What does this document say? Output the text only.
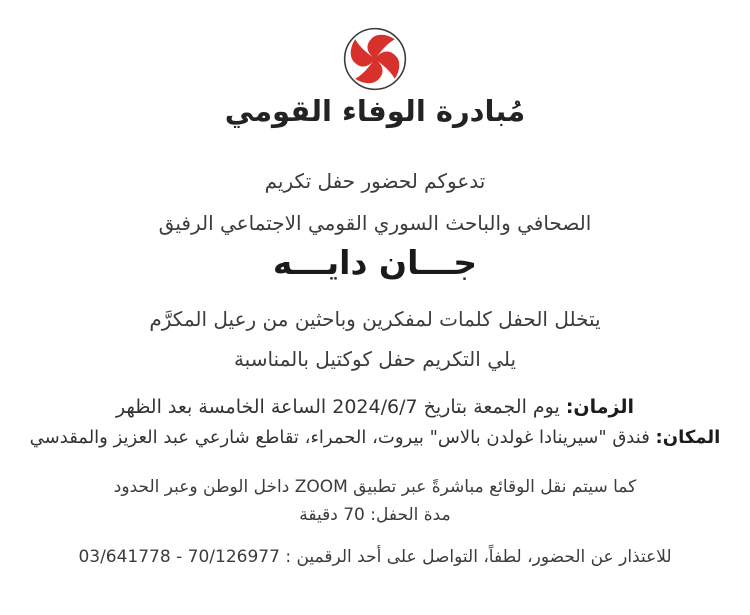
مُبادرة الوفاء القومي

تدعوكم لحضور حفل تكريم

الصحافي والباحث السوري القومي الاجتماعي الرفيق

جـــان دايـــه

يتخلل الحفل كلمات لمفكرين وباحثين من رعيل المكرَّم

يلي التكريم حفل كوكتيل بالمناسبة

الزمان: يوم الجمعة بتاريخ 2024/6/7 الساعة الخامسة بعد الظهر

المكان: فندق "سيرينادا غولدن بالاس" بيروت، الحمراء، تقاطع شارعي عبد العزيز والمقدسي

كما سيتم نقل الوقائع مباشرةً عبر تطبيق ZOOM داخل الوطن وعبر الحدود

مدة الحفل: 70 دقيقة

للاعتذار عن الحضور، لطفاً، التواصل على أحد الرقمين : 70/126977 - 03/641778
